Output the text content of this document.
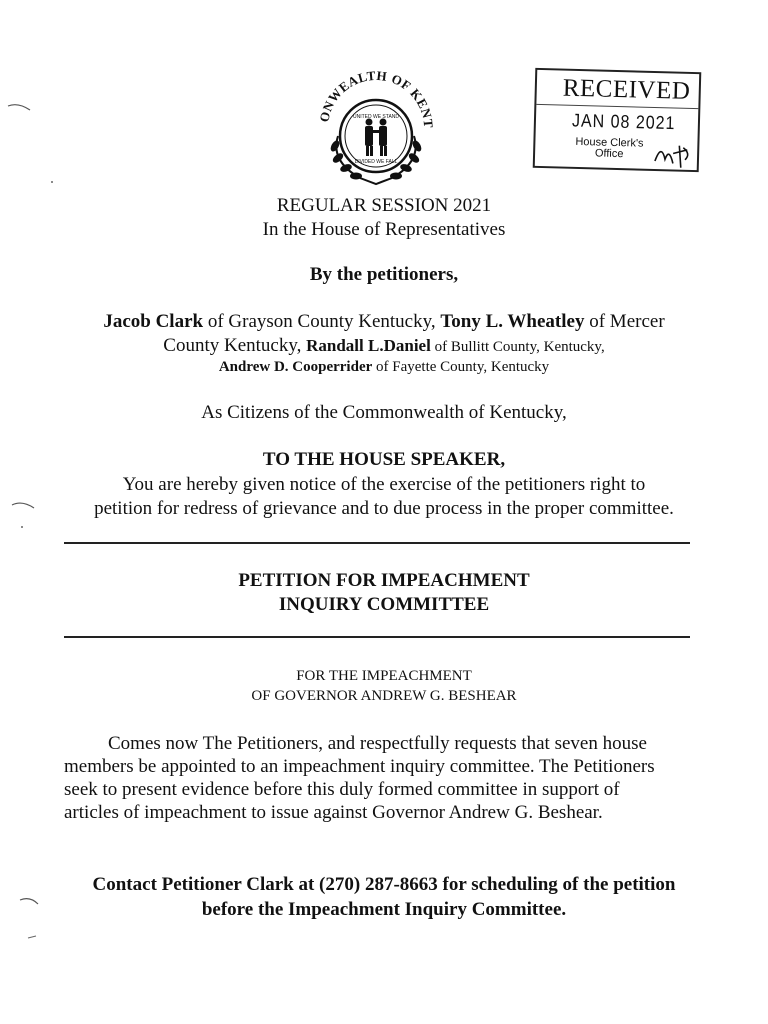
ONWEALTH OF KENT
UNITED WE STAND
DIVIDED WE FALL
RECEIVED
JAN 08 2021
House Clerk's
Office
REGULAR SESSION 2021
In the House of Representatives
By the petitioners,
Jacob Clark of Grayson County Kentucky, Tony L. Wheatley of Mercer
County Kentucky, Randall L.Daniel of Bullitt County, Kentucky,
Andrew D. Cooperrider of Fayette County, Kentucky
As Citizens of the Commonwealth of Kentucky,
TO THE HOUSE SPEAKER,
You are hereby given notice of the exercise of the petitioners right to
petition for redress of grievance and to due process in the proper committee.
PETITION FOR IMPEACHMENT
INQUIRY COMMITTEE
FOR THE IMPEACHMENT
OF GOVERNOR ANDREW G. BESHEAR
Comes now The Petitioners, and respectfully requests that seven house
members be appointed to an impeachment inquiry committee. The Petitioners
seek to present evidence before this duly formed committee in support of
articles of impeachment to issue against Governor Andrew G. Beshear.
Contact Petitioner Clark at (270) 287-8663 for scheduling of the petition
before the Impeachment Inquiry Committee.
